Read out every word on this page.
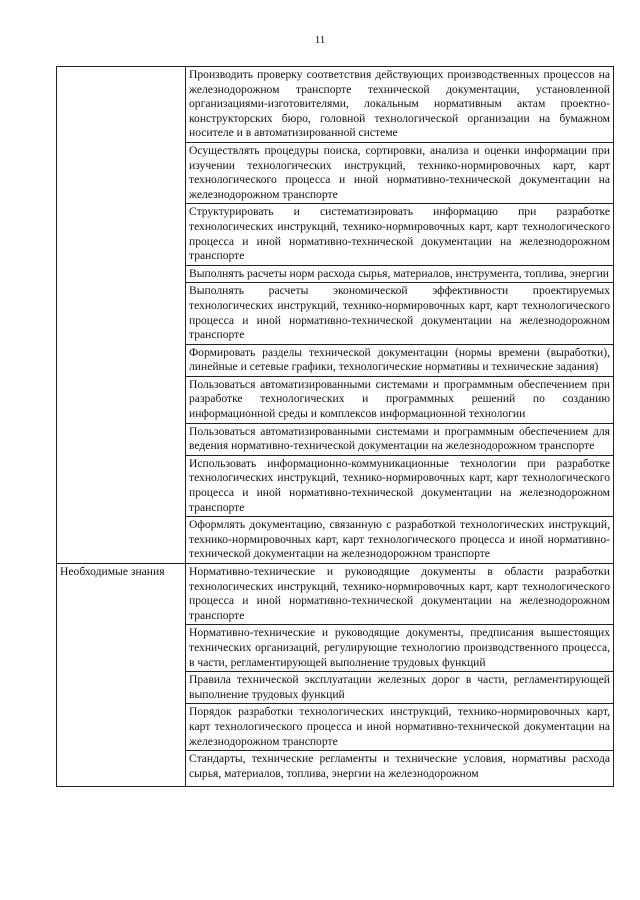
11
	Производить проверку соответствия действующих производственных процессов на железнодорожном транспорте технической документации, установленной организациями-изготовителями, локальным нормативным актам проектно-конструкторских бюро, головной технологической организации на бумажном носителе и в автоматизированной системе
	Осуществлять процедуры поиска, сортировки, анализа и оценки информации при изучении технологических инструкций, технико-нормировочных карт, карт технологического процесса и иной нормативно-технической документации на железнодорожном транспорте
	Структурировать и систематизировать информацию при разработке технологических инструкций, технико-нормировочных карт, карт технологического процесса и иной нормативно-технической документации на железнодорожном транспорте
	Выполнять расчеты норм расхода сырья, материалов, инструмента, топлива, энергии
	Выполнять расчеты экономической эффективности проектируемых технологических инструкций, технико-нормировочных карт, карт технологического процесса и иной нормативно-технической документации на железнодорожном транспорте
	Формировать разделы технической документации (нормы времени (выработки), линейные и сетевые графики, технологические нормативы и технические задания)
	Пользоваться автоматизированными системами и программным обеспечением при разработке технологических и программных решений по созданию информационной среды и комплексов информационной технологии
	Пользоваться автоматизированными системами и программным обеспечением для ведения нормативно-технической документации на железнодорожном транспорте
	Использовать информационно-коммуникационные технологии при разработке технологических инструкций, технико-нормировочных карт, карт технологического процесса и иной нормативно-технической документации на железнодорожном транспорте
	Оформлять документацию, связанную с разработкой технологических инструкций, технико-нормировочных карт, карт технологического процесса и иной нормативно-технической документации на железнодорожном транспорте
Необходимые знания	Нормативно-технические и руководящие документы в области разработки технологических инструкций, технико-нормировочных карт, карт технологического процесса и иной нормативно-технической документации на железнодорожном транспорте
	Нормативно-технические и руководящие документы, предписания вышестоящих технических организаций, регулирующие технологию производственного процесса, в части, регламентирующей выполнение трудовых функций
	Правила технической эксплуатации железных дорог в части, регламентирующей выполнение трудовых функций
	Порядок разработки технологических инструкций, технико-нормировочных карт, карт технологического процесса и иной нормативно-технической документации на железнодорожном транспорте

	Стандарты, технические регламенты и технические условия, нормативы расхода сырья, материалов, топлива, энергии на железнодорожном
